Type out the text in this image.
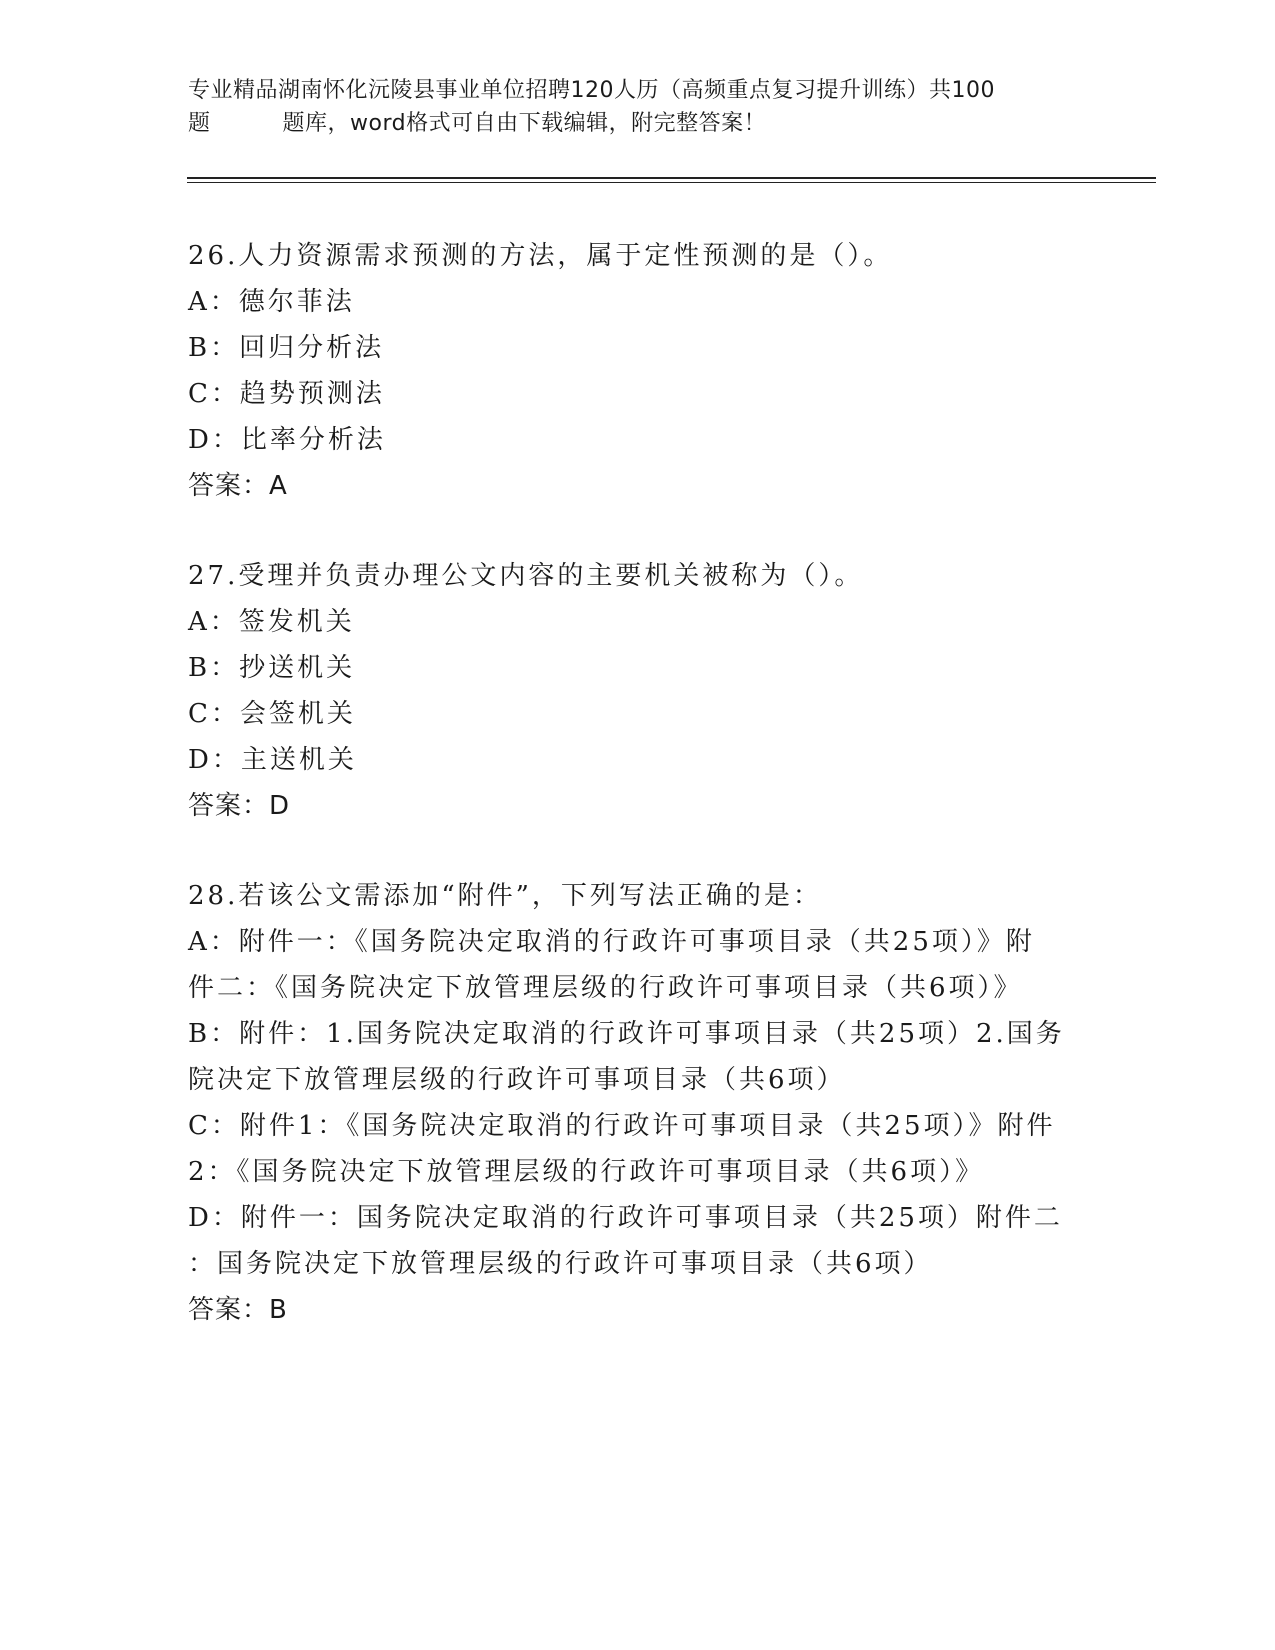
专业精品湖南怀化沅陵县事业单位招聘120人历（高频重点复习提升训练）共100
题	题库，word格式可自由下载编辑，附完整答案！
26.人力资源需求预测的方法，属于定性预测的是（）。
A：德尔菲法
B：回归分析法
C：趋势预测法
D：比率分析法
答案：A
27.受理并负责办理公文内容的主要机关被称为（）。
A：签发机关
B：抄送机关
C：会签机关
D：主送机关
答案：D
28.若该公文需添加“附件”，下列写法正确的是：
A：附件一：《国务院决定取消的行政许可事项目录（共25项）》附
件二：《国务院决定下放管理层级的行政许可事项目录（共6项）》
B：附件：1.国务院决定取消的行政许可事项目录（共25项）2.国务
院决定下放管理层级的行政许可事项目录（共6项）
C：附件1：《国务院决定取消的行政许可事项目录（共25项）》附件
2：《国务院决定下放管理层级的行政许可事项目录（共6项）》
D：附件一：国务院决定取消的行政许可事项目录（共25项）附件二
：国务院决定下放管理层级的行政许可事项目录（共6项）
答案：B
